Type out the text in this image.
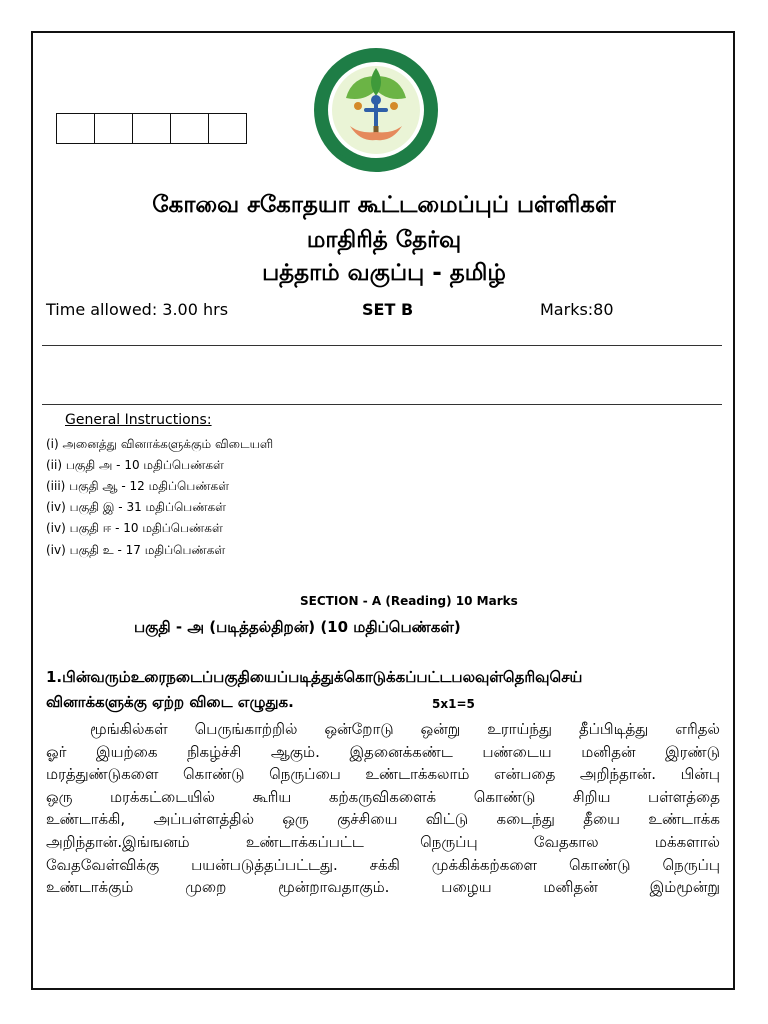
கோவை சகோதயா கூட்டமைப்புப் பள்ளிகள்
மாதிரித் தேர்வு
பத்தாம் வகுப்பு - தமிழ்
Time allowed: 3.00 hrs	SET B	Marks:80
General Instructions:
(i) அனைத்து வினாக்களுக்கும் விடையளி
(ii) பகுதி அ - 10 மதிப்பெண்கள்
(iii) பகுதி ஆ - 12 மதிப்பெண்கள்
(iv) பகுதி இ - 31 மதிப்பெண்கள்
(iv) பகுதி ஈ - 10 மதிப்பெண்கள்
(iv) பகுதி உ - 17 மதிப்பெண்கள்
SECTION - A (Reading) 10 Marks
பகுதி - அ (படித்தல்திறன்) (10 மதிப்பெண்கள்)
1.பின்வரும்உரைநடைப்பகுதியைப்படித்துக்கொடுக்கப்பட்டபலவுள்தெரிவுசெய்
வினாக்களுக்கு ஏற்ற விடை எழுதுக.	5x1=5
மூங்கில்கள் பெருங்காற்றில் ஒன்றோடு ஒன்று உராய்ந்து தீப்பிடித்து எரிதல்
ஓர் இயற்கை நிகழ்ச்சி ஆகும். இதனைக்கண்ட பண்டைய மனிதன் இரண்டு
மரத்துண்டுகளை கொண்டு நெருப்பை உண்டாக்கலாம் என்பதை அறிந்தான். பின்பு
ஒரு மரக்கட்டையில் கூரிய கற்கருவிகளைக் கொண்டு சிறிய பள்ளத்தை
உண்டாக்கி, அப்பள்ளத்தில் ஒரு குச்சியை விட்டு கடைந்து தீயை உண்டாக்க
அறிந்தான்.இங்ஙனம் உண்டாக்கப்பட்ட நெருப்பு வேதகால மக்களால்
வேதவேள்விக்கு பயன்படுத்தப்பட்டது. சக்கி முக்கிக்கற்களை கொண்டு நெருப்பு
உண்டாக்கும் முறை மூன்றாவதாகும். பழைய மனிதன் இம்மூன்று
